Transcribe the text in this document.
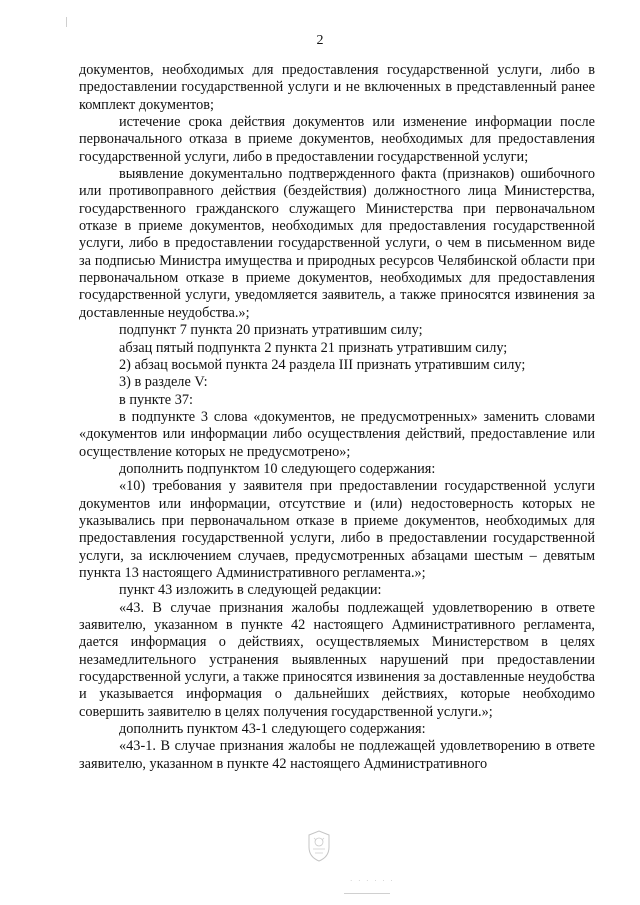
2

документов, необходимых для предоставления государственной услуги, либо в предоставлении государственной услуги и не включенных в представленный ранее комплект документов;

истечение срока действия документов или изменение информации после первоначального отказа в приеме документов, необходимых для предоставления государственной услуги, либо в предоставлении государственной услуги;

выявление документально подтвержденного факта (признаков) ошибочного или противоправного действия (бездействия) должностного лица Министерства, государственного гражданского служащего Министерства при первоначальном отказе в приеме документов, необходимых для предоставления государственной услуги, либо в предоставлении государственной услуги, о чем в письменном виде за подписью Министра имущества и природных ресурсов Челябинской области при первоначальном отказе в приеме документов, необходимых для предоставления государственной услуги, уведомляется заявитель, а также приносятся извинения за доставленные неудобства.»;

подпункт 7 пункта 20 признать утратившим силу;

абзац пятый подпункта 2 пункта 21 признать утратившим силу;

2) абзац восьмой пункта 24 раздела III признать утратившим силу;

3) в разделе V:

в пункте 37:

в подпункте 3 слова «документов, не предусмотренных» заменить словами «документов или информации либо осуществления действий, предоставление или осуществление которых не предусмотрено»;

дополнить подпунктом 10 следующего содержания:

«10) требования у заявителя при предоставлении государственной услуги документов или информации, отсутствие и (или) недостоверность которых не указывались при первоначальном отказе в приеме документов, необходимых для предоставления государственной услуги, либо в предоставлении государственной услуги, за исключением случаев, предусмотренных абзацами шестым – девятым пункта 13 настоящего Административного регламента.»;

пункт 43 изложить в следующей редакции:

«43. В случае признания жалобы подлежащей удовлетворению в ответе заявителю, указанном в пункте 42 настоящего Административного регламента, дается информация о действиях, осуществляемых Министерством в целях незамедлительного устранения выявленных нарушений при предоставлении государственной услуги, а также приносятся извинения за доставленные неудобства и указывается информация о дальнейших действиях, которые необходимо совершить заявителю в целях получения государственной услуги.»;

дополнить пунктом 43-1 следующего содержания:

«43-1. В случае признания жалобы не подлежащей удовлетворению в ответе заявителю, указанном в пункте 42 настоящего Административного

· · · · · ·
